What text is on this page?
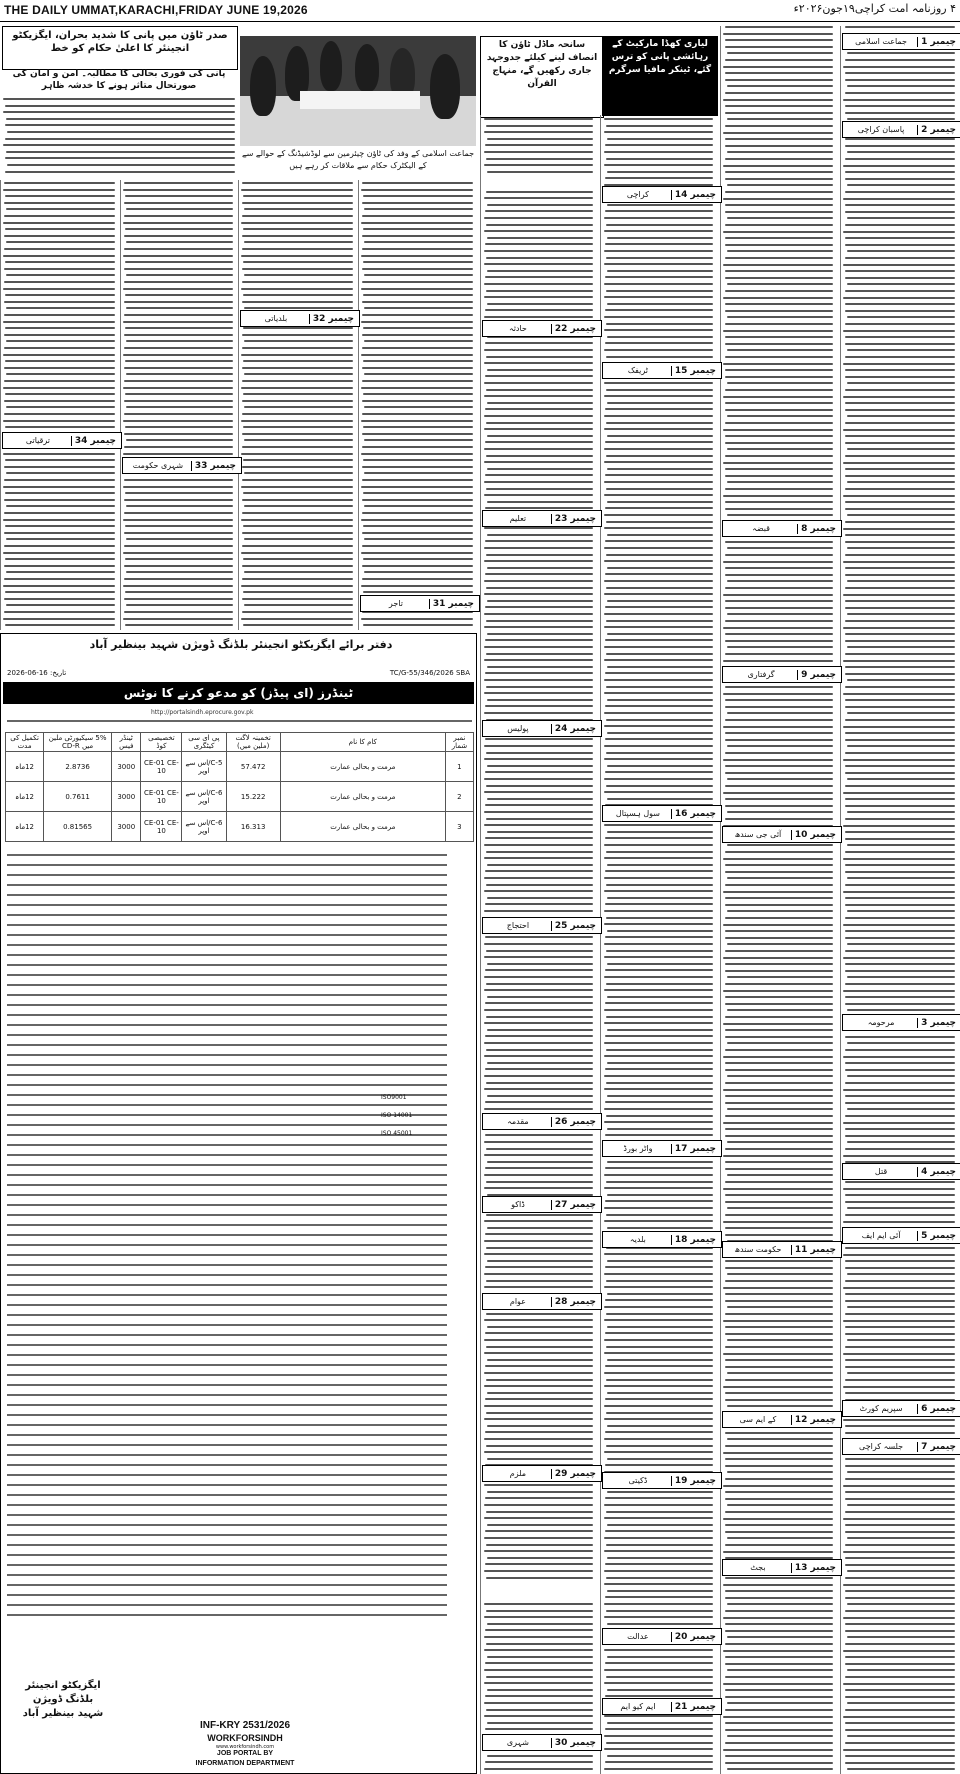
THE DAILY UMMAT,KARACHI,FRIDAY JUNE 19,2026	۴ روزنامہ امت کراچی۱۹جون۲۰۲۶ء
صدر ٹاؤن میں پانی کا شدید بحران، ایگزیکٹو انجینئر کا اعلیٰ حکام کو خط
پانی کی فوری بحالی کا مطالبہ۔ امن و امان کی صورتحال متاثر ہونے کا خدشہ ظاہر
جماعت اسلامی کے وفد کی ٹاؤن چیئرمین سے لوڈشیڈنگ کے حوالے سے کے الیکٹرک حکام سے ملاقات کر رہے ہیں
سانحہ ماڈل ٹاؤن کا انصاف لینے کیلئے جدوجہد جاری رکھیں گے، منہاج القرآن
لیاری کھڈا مارکیٹ کے رہائشی پانی کو ترس گئے، ٹینکر مافیا سرگرم
چیمبر 1
جماعت اسلامی
چیمبر 2
پاسبان کراچی
چیمبر 3
مرحومہ
چیمبر 4
قتل
چیمبر 5
آئی ایم ایف
چیمبر 6
سپریم کورٹ
چیمبر 7
جلسہ کراچی
چیمبر 8
قبضہ
چیمبر 9
گرفتاری
چیمبر 10
آئی جی سندھ
چیمبر 11
حکومت سندھ
چیمبر 12
کے ایم سی
چیمبر 13
بجٹ
چیمبر 14
کراچی
چیمبر 15
ٹریفک
چیمبر 16
سول ہسپتال
چیمبر 17
واٹر بورڈ
چیمبر 18
بلدیہ
چیمبر 19
ڈکیتی
چیمبر 20
عدالت
چیمبر 21
ایم کیو ایم
چیمبر 22
حادثہ
چیمبر 23
تعلیم
چیمبر 24
پولیس
چیمبر 25
احتجاج
چیمبر 26
مقدمہ
چیمبر 27
ڈاکو
چیمبر 28
عوام
چیمبر 29
ملزم
چیمبر 30
شہری
چیمبر 31
تاجر
چیمبر 32
بلدیاتی
چیمبر 33
شہری حکومت
چیمبر 34
ترقیاتی
دفتر برائے ایگزیکٹو انجینئر بلڈنگ ڈویژن شہید بینظیر آباد
TC/G-55/346/2026 SBA
تاریخ: 16-06-2026
ٹینڈرز (ای پیڈز) کو مدعو کرنے کا نوٹس
http://portalsindh.eprocure.gov.pk
نمبر شمار	کام کا نام	تخمینہ لاگت (ملین میں)	پی ای سی کیٹگری	تخصیصی کوڈ	ٹینڈر فیس	5% سیکیورٹی ملین میں CD-R	تکمیل کی مدت
1	مرمت و بحالی عمارت	57.472	C-5/اس سے اوپر	CE-01 CE-10	3000	2.8736	12ماہ
2	مرمت و بحالی عمارت	15.222	C-6/اس سے اوپر	CE-01 CE-10	3000	0.7611	12ماہ
3	مرمت و بحالی عمارت	16.313	C-6/اس سے اوپر	CE-01 CE-10	3000	0.81565	12ماہ
ISO9001
ISO 14001
ISO 45001
ایگزیکٹو انجینئر
بلڈنگ ڈویژن
شہید بینظیر آباد
INF-KRY 2531/2026
WORKFORSINDH
www.workforsindh.com
JOB PORTAL BY
INFORMATION DEPARTMENT
